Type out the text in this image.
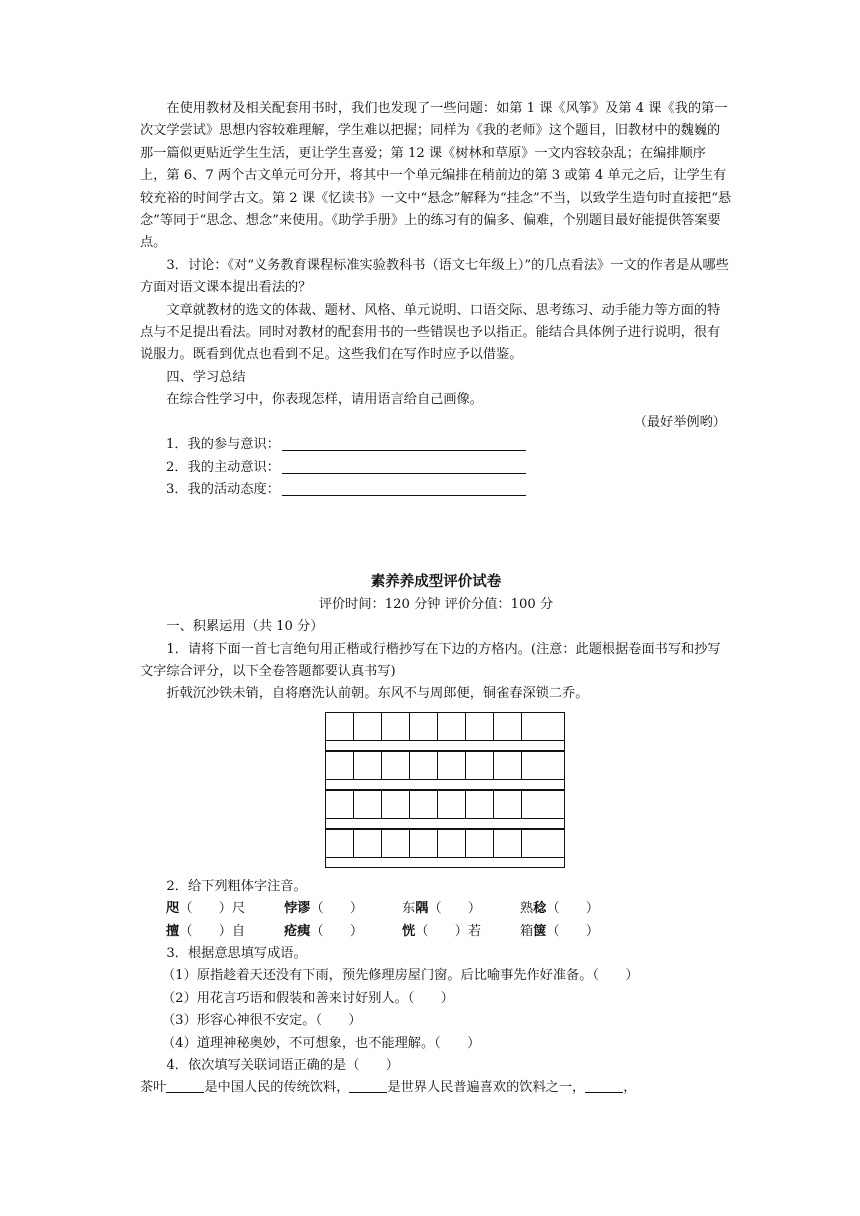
在使用教材及相关配套用书时，我们也发现了一些问题：如第 1 课《风筝》及第 4 课《我的第一次文学尝试》思想内容较难理解，学生难以把握；同样为《我的老师》这个题目，旧教材中的魏巍的那一篇似更贴近学生生活，更让学生喜爱；第 12 课《树林和草原》一文内容较杂乱；在编排顺序上，第 6、7 两个古文单元可分开，将其中一个单元编排在稍前边的第 3 或第 4 单元之后，让学生有较充裕的时间学古文。第 2 课《忆读书》一文中“悬念”解释为“挂念”不当，以致学生造句时直接把“悬念”等同于“思念、想念”来使用。《助学手册》上的练习有的偏多、偏难，个别题目最好能提供答案要点。

3．讨论：《对“义务教育课程标准实验教科书（语文七年级上）”的几点看法》一文的作者是从哪些方面对语文课本提出看法的？

文章就教材的选文的体裁、题材、风格、单元说明、口语交际、思考练习、动手能力等方面的特点与不足提出看法。同时对教材的配套用书的一些错误也予以指正。能结合具体例子进行说明，很有说服力。既看到优点也看到不足。这些我们在写作时应予以借鉴。

四、学习总结

在综合性学习中，你表现怎样，请用语言给自己画像。

（最好举例哟）

1．我的参与意识：

2．我的主动意识：

3．我的活动态度：

素养养成型评价试卷

评价时间：120 分钟 评价分值：100 分

一、积累运用（共 10 分）

1．请将下面一首七言绝句用正楷或行楷抄写在下边的方格内。(注意：此题根据卷面书写和抄写文字综合评分，以下全卷答题都要认真书写)

折戟沉沙铁未销，自将磨洗认前朝。东风不与周郎便，铜雀春深锁二乔。

2．给下列粗体字注音。

咫（　　）尺	悖谬（　　）	东隅（　　）	熟稔（　　）
擅（　　）自	疮痍（　　）	恍（　　）若	箱箧（　　）

3．根据意思填写成语。

（1）原指趁着天还没有下雨，预先修理房屋门窗。后比喻事先作好准备。（　　）

（2）用花言巧语和假装和善来讨好别人。（　　）

（3）形容心神很不安定。（　　）

（4）道理神秘奥妙，不可想象，也不能理解。（　　）

4．依次填写关联词语正确的是（　　）

茶叶	是中国人民的传统饮料，	是世界人民普遍喜欢的饮料之一，	，
